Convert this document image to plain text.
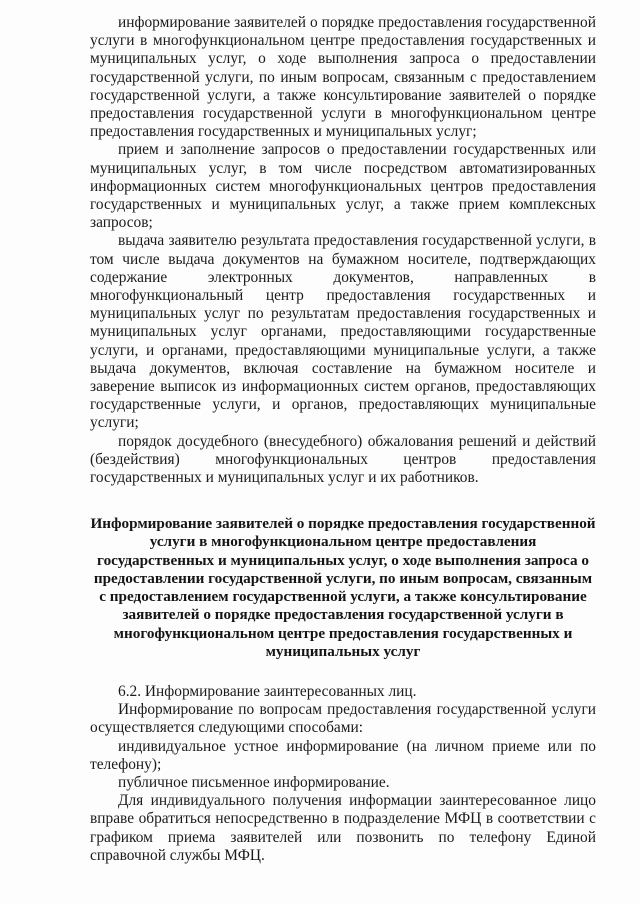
информирование заявителей о порядке предоставления государственной услуги в многофункциональном центре предоставления государственных и муниципальных услуг, о ходе выполнения запроса о предоставлении государственной услуги, по иным вопросам, связанным с предоставлением государственной услуги, а также консультирование заявителей о порядке предоставления государственной услуги в многофункциональном центре предоставления государственных и муниципальных услуг;

прием и заполнение запросов о предоставлении государственных или муниципальных услуг, в том числе посредством автоматизированных информационных систем многофункциональных центров предоставления государственных и муниципальных услуг, а также прием комплексных запросов;

выдача заявителю результата предоставления государственной услуги, в том числе выдача документов на бумажном носителе, подтверждающих содержание электронных документов, направленных в многофункциональный центр предоставления государственных и муниципальных услуг по результатам предоставления государственных и муниципальных услуг органами, предоставляющими государственные услуги, и органами, предоставляющими муниципальные услуги, а также выдача документов, включая составление на бумажном носителе и заверение выписок из информационных систем органов, предоставляющих государственные услуги, и органов, предоставляющих муниципальные услуги;

порядок досудебного (внесудебного) обжалования решений и действий (бездействия) многофункциональных центров предоставления государственных и муниципальных услуг и их работников.

Информирование заявителей о порядке предоставления государственной услуги в многофункциональном центре предоставления государственных и муниципальных услуг, о ходе выполнения запроса о предоставлении государственной услуги, по иным вопросам, связанным с предоставлением государственной услуги, а также консультирование заявителей о порядке предоставления государственной услуги в многофункциональном центре предоставления государственных и муниципальных услуг

6.2. Информирование заинтересованных лиц.

Информирование по вопросам предоставления государственной услуги осуществляется следующими способами:

индивидуальное устное информирование (на личном приеме или по телефону);

публичное письменное информирование.

Для индивидуального получения информации заинтересованное лицо вправе обратиться непосредственно в подразделение МФЦ в соответствии с графиком приема заявителей или позвонить по телефону Единой справочной службы МФЦ.
